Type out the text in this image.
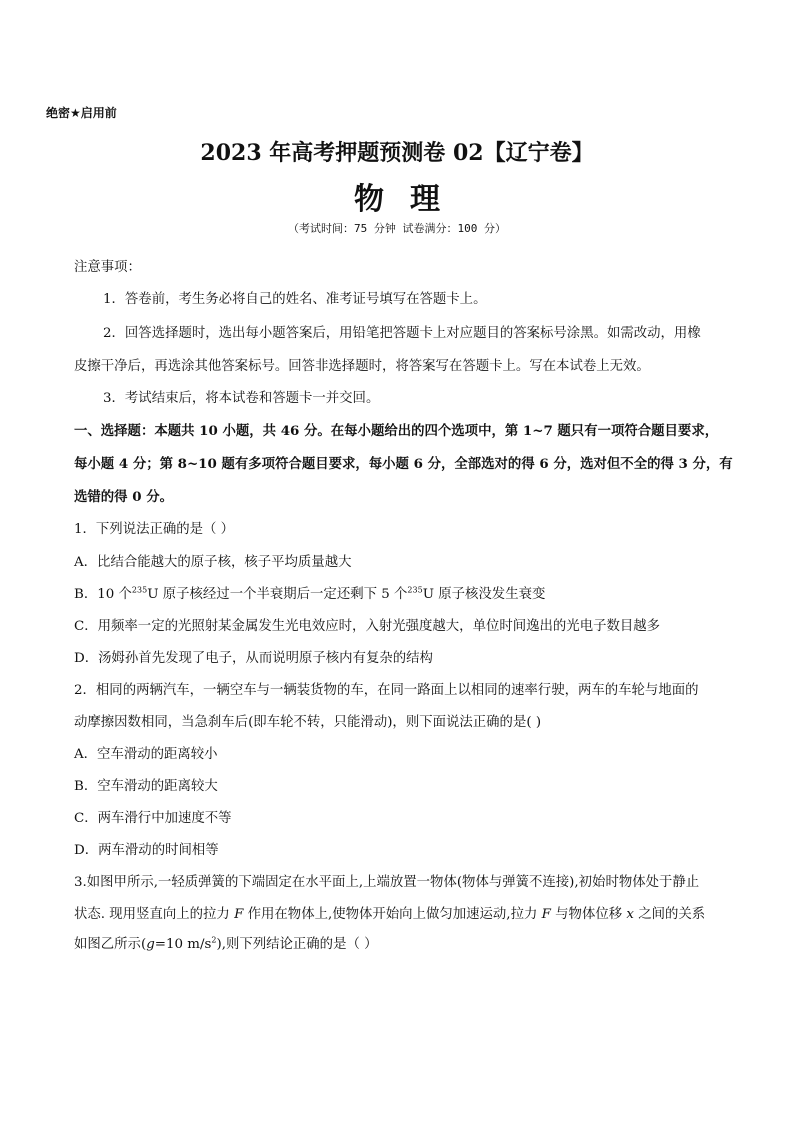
绝密★启用前
2023 年高考押题预测卷 02【辽宁卷】
物理
（考试时间：75 分钟 试卷满分：100 分）
注意事项：
1．答卷前，考生务必将自己的姓名、准考证号填写在答题卡上。
2．回答选择题时，选出每小题答案后，用铅笔把答题卡上对应题目的答案标号涂黑。如需改动，用橡
皮擦干净后，再选涂其他答案标号。回答非选择题时，将答案写在答题卡上。写在本试卷上无效。
3．考试结束后，将本试卷和答题卡一并交回。
一、选择题：本题共 10 小题，共 46 分。在每小题给出的四个选项中，第 1~7 题只有一项符合题目要求，
每小题 4 分；第 8~10 题有多项符合题目要求，每小题 6 分，全部选对的得 6 分，选对但不全的得 3 分，有
选错的得 0 分。
1．下列说法正确的是（ ）
A．比结合能越大的原子核，核子平均质量越大
B．10 个$^{235}$U 原子核经过一个半衰期后一定还剩下 5 个$^{235}$U 原子核没发生衰变
C．用频率一定的光照射某金属发生光电效应时，入射光强度越大，单位时间逸出的光电子数目越多
D．汤姆孙首先发现了电子，从而说明原子核内有复杂的结构
2．相同的两辆汽车，一辆空车与一辆装货物的车，在同一路面上以相同的速率行驶，两车的车轮与地面的
动摩擦因数相同，当急刹车后(即车轮不转，只能滑动)，则下面说法正确的是( )
A．空车滑动的距离较小
B．空车滑动的距离较大
C．两车滑行中加速度不等
D．两车滑动的时间相等
3.如图甲所示,一轻质弹簧的下端固定在水平面上,上端放置一物体(物体与弹簧不连接),初始时物体处于静止
状态. 现用竖直向上的拉力 F 作用在物体上,使物体开始向上做匀加速运动,拉力 F 与物体位移 x 之间的关系
如图乙所示(g=10 $m/s^2$),则下列结论正确的是（ ）
